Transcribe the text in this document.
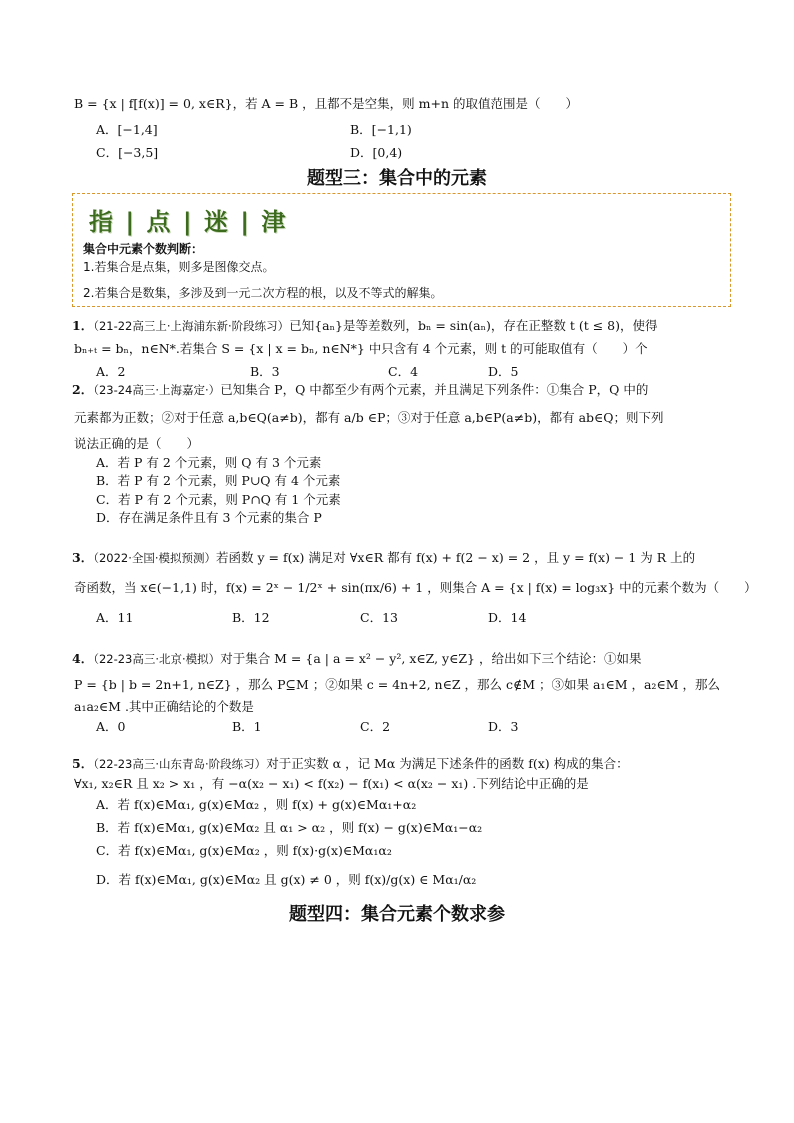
B = {x | f[f(x)] = 0, x∈R}，若 A = B ，且都不是空集，则 m+n 的取值范围是（　　）
A．[−1,4]	B．[−1,1)
C．[−3,5]	D．[0,4)
题型三：集合中的元素
指 | 点 | 迷 | 津
集合中元素个数判断：
1.若集合是点集，则多是图像交点。
2.若集合是数集，多涉及到一元二次方程的根，以及不等式的解集。
1．（21-22高三上·上海浦东新·阶段练习）已知{aₙ}是等差数列，bₙ = sin(aₙ)，存在正整数 t (t ≤ 8)，使得
bₙ₊ₜ = bₙ，n∈N*.若集合 S = {x | x = bₙ, n∈N*} 中只含有 4 个元素，则 t 的可能取值有（　　）个
A．2	B．3	C．4	D．5
2．（23-24高三·上海嘉定·）已知集合 P，Q 中都至少有两个元素，并且满足下列条件：①集合 P，Q 中的
元素都为正数；②对于任意 a,b∈Q(a≠b)，都有 a/b ∈P；③对于任意 a,b∈P(a≠b)，都有 ab∈Q；则下列
说法正确的是（　　）
A．若 P 有 2 个元素，则 Q 有 3 个元素
B．若 P 有 2 个元素，则 P∪Q 有 4 个元素
C．若 P 有 2 个元素，则 P∩Q 有 1 个元素
D．存在满足条件且有 3 个元素的集合 P
3．（2022·全国·模拟预测）若函数 y = f(x) 满足对 ∀x∈R 都有 f(x) + f(2 − x) = 2 ，且 y = f(x) − 1 为 R 上的
奇函数，当 x∈(−1,1) 时，f(x) = 2ˣ − 1/2ˣ + sin(πx/6) + 1 ，则集合 A = {x | f(x) = log₃x} 中的元素个数为（　　）
A．11	B．12	C．13	D．14
4．（22-23高三·北京·模拟）对于集合 M = {a | a = x² − y², x∈Z, y∈Z} ，给出如下三个结论：①如果
P = {b | b = 2n+1, n∈Z} ，那么 P⊆M ；②如果 c = 4n+2, n∈Z ，那么 c∉M ；③如果 a₁∈M ，a₂∈M ，那么
a₁a₂∈M .其中正确结论的个数是
A．0	B．1	C．2	D．3
5．（22-23高三·山东青岛·阶段练习）对于正实数 α ，记 Mα 为满足下述条件的函数 f(x) 构成的集合：
∀x₁, x₂∈R 且 x₂ > x₁ ，有 −α(x₂ − x₁) < f(x₂) − f(x₁) < α(x₂ − x₁) .下列结论中正确的是
A．若 f(x)∈Mα₁, g(x)∈Mα₂ ，则 f(x) + g(x)∈Mα₁+α₂
B．若 f(x)∈Mα₁, g(x)∈Mα₂ 且 α₁ > α₂ ，则 f(x) − g(x)∈Mα₁−α₂
C．若 f(x)∈Mα₁, g(x)∈Mα₂ ，则 f(x)·g(x)∈Mα₁α₂
D．若 f(x)∈Mα₁, g(x)∈Mα₂ 且 g(x) ≠ 0 ，则 f(x)/g(x) ∈ Mα₁/α₂
题型四：集合元素个数求参
